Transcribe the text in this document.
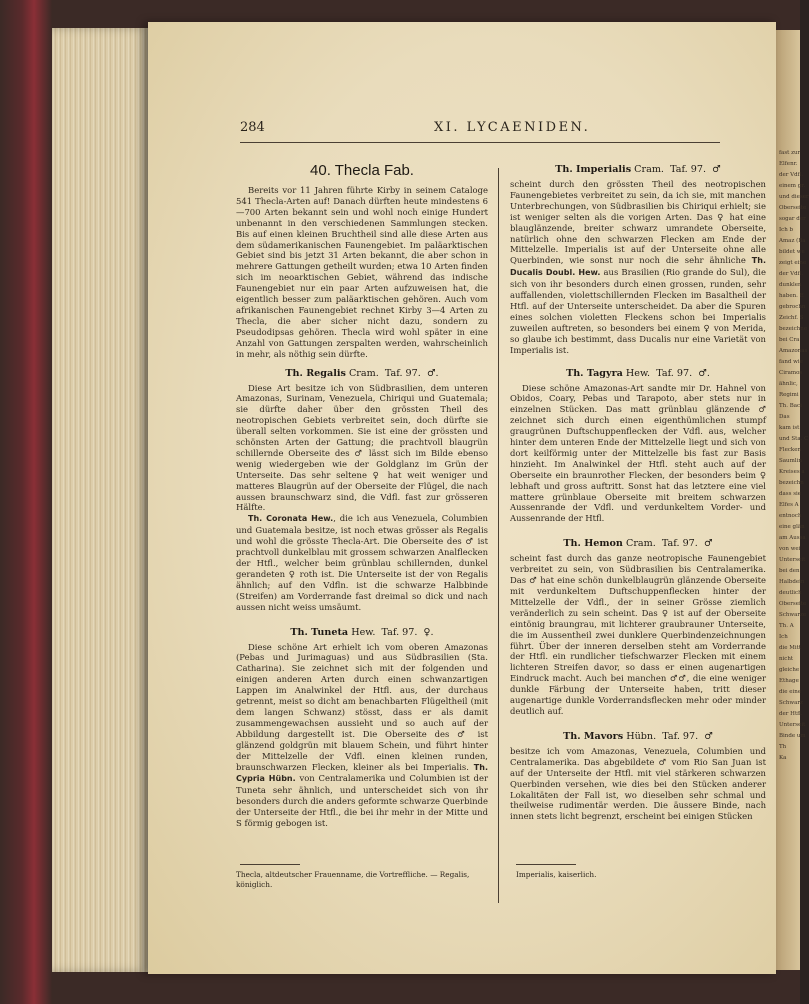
fast zur
Elfenr.
der Vdfl.
einem gr.
und dieser
Oberseite
sogar der
Ich b
Amaz (Ba
bildet we
zeigt eine
der Vdfl.
dunklen
haben. E
gebrochn
Zeichf. S
bezeichne
bei Cra
Amazonas
fand wie
Ciramos
ähnlic,
Regimi
Th. Baci
Das
kam ist
und Sta. C
Flecken
Saumlin
Kreises a
bezeichn
dass sie
Elfes A
entnoch
eine glän
am Aussa
von wei
Unterseit
bei den
Halbdein
deutlich
Oberseite
Schwarze
Th. A
Ich
die Mitt
nicht
gleiche
Ethage
die eine
Schwarz
der Htfl.
Unterseit
Binde um
Th
Ka
284	XI. LYCAENIDEN.
40. Thecla Fab.

Bereits vor 11 Jahren führte Kirby in seinem Cataloge 541 Thecla-Arten auf! Danach dürften heute mindestens 6—700 Arten bekannt sein und wohl noch einige Hundert unbenannt in den verschiedenen Sammlungen stecken. Bis auf einen kleinen Bruchtheil sind alle diese Arten aus dem südamerikanischen Faunengebiet. Im paläarktischen Gebiet sind bis jetzt 31 Arten bekannt, die aber schon in mehrere Gattungen getheilt wurden; etwa 10 Arten finden sich im neoarktischen Gebiet, während das indische Faunengebiet nur ein paar Arten aufzuweisen hat, die eigentlich besser zum paläarktischen gehören. Auch vom afrikanischen Faunengebiet rechnet Kirby 3—4 Arten zu Thecla, die aber sicher nicht dazu, sondern zu Pseudodipsas gehören. Thecla wird wohl später in eine Anzahl von Gattungen zerspalten werden, wahrscheinlich in mehr, als nöthig sein dürfte.

Th. Regalis Cram. Taf. 97. ♂.

Diese Art besitze ich von Südbrasilien, dem unteren Amazonas, Surinam, Venezuela, Chiriqui und Guatemala; sie dürfte daher über den grössten Theil des neotropischen Gebiets verbreitet sein, doch dürfte sie überall selten vorkommen. Sie ist eine der grössten und schönsten Arten der Gattung; die prachtvoll blaugrün schillernde Oberseite des ♂ lässt sich im Bilde ebenso wenig wiedergeben wie der Goldglanz im Grün der Unterseite. Das sehr seltene ♀ hat weit weniger und matteres Blaugrün auf der Oberseite der Flügel, die nach aussen braunschwarz sind, die Vdfl. fast zur grösseren Hälfte.

Th. Coronata Hew., die ich aus Venezuela, Columbien und Guatemala besitze, ist noch etwas grösser als Regalis und wohl die grösste Thecla-Art. Die Oberseite des ♂ ist prachtvoll dunkelblau mit grossem schwarzen Analflecken der Htfl., welcher beim grünblau schillernden, dunkel gerandeten ♀ roth ist. Die Unterseite ist der von Regalis ähnlich; auf den Vdfln. ist die schwarze Halbbinde (Streifen) am Vorderrande fast dreimal so dick und nach aussen nicht weiss umsäumt.

Th. Tuneta Hew. Taf. 97. ♀.

Diese schöne Art erhielt ich vom oberen Amazonas (Pebas und Jurimaguas) und aus Südbrasilien (Sta. Catharina). Sie zeichnet sich mit der folgenden und einigen anderen Arten durch einen schwanzartigen Lappen im Analwinkel der Htfl. aus, der durchaus getrennt, meist so dicht am benachbarten Flügeltheil (mit dem langen Schwanz) stösst, dass er als damit zusammengewachsen aussieht und so auch auf der Abbildung dargestellt ist. Die Oberseite des ♂ ist glänzend goldgrün mit blauem Schein, und führt hinter der Mittelzelle der Vdfl. einen kleinen runden, braunschwarzen Flecken, kleiner als bei Imperialis. Th. Cypria Hübn. von Centralamerika und Columbien ist der Tuneta sehr ähnlich, und unterscheidet sich von ihr besonders durch die anders geformte schwarze Querbinde der Unterseite der Htfl., die bei ihr mehr in der Mitte und S förmig gebogen ist.

Thecla, altdeutscher Frauenname, die Vortreffliche. — Regalis, königlich.
Th. Imperialis Cram. Taf. 97. ♂

scheint durch den grössten Theil des neotropischen Faunengebietes verbreitet zu sein, da ich sie, mit manchen Unterbrechungen, von Südbrasilien bis Chiriqui erhielt; sie ist weniger selten als die vorigen Arten. Das ♀ hat eine blauglänzende, breiter schwarz umrandete Oberseite, natürlich ohne den schwarzen Flecken am Ende der Mittelzelle. Imperialis ist auf der Unterseite ohne alle Querbinden, wie sonst nur noch die sehr ähnliche Th. Ducalis Doubl. Hew. aus Brasilien (Rio grande do Sul), die sich von ihr besonders durch einen grossen, runden, sehr auffallenden, violettschillernden Flecken im Basaltheil der Htfl. auf der Unterseite unterscheidet. Da aber die Spuren eines solchen violetten Fleckens schon bei Imperialis zuweilen auftreten, so besonders bei einem ♀ von Merida, so glaube ich bestimmt, dass Ducalis nur eine Varietät von Imperialis ist.

Th. Tagyra Hew. Taf. 97. ♂.

Diese schöne Amazonas-Art sandte mir Dr. Hahnel von Obidos, Coary, Pebas und Tarapoto, aber stets nur in einzelnen Stücken. Das matt grünblau glänzende ♂ zeichnet sich durch einen eigenthümlichen stumpf graugrünen Duftschuppenflecken der Vdfl. aus, welcher hinter dem unteren Ende der Mittelzelle liegt und sich von dort keilförmig unter der Mittelzelle bis fast zur Basis hinzieht. Im Analwinkel der Htfl. steht auch auf der Oberseite ein braunrother Flecken, der besonders beim ♀ lebhaft und gross auftritt. Sonst hat das letztere eine viel mattere grünblaue Oberseite mit breitem schwarzen Aussenrande der Vdfl. und verdunkeltem Vorder- und Aussenrande der Htfl.

Th. Hemon Cram. Taf. 97. ♂

scheint fast durch das ganze neotropische Faunengebiet verbreitet zu sein, von Südbrasilien bis Centralamerika. Das ♂ hat eine schön dunkelblaugrün glänzende Oberseite mit verdunkeltem Duftschuppenflecken hinter der Mittelzelle der Vdfl., der in seiner Grösse ziemlich veränderlich zu sein scheint. Das ♀ ist auf der Oberseite eintönig braungrau, mit lichterer graubrauner Unterseite, die im Aussentheil zwei dunklere Querbindenzeichnungen führt. Über der inneren derselben steht am Vorderrande der Htfl. ein rundlicher tiefschwarzer Flecken mit einem lichteren Streifen davor, so dass er einen augenartigen Eindruck macht. Auch bei manchen ♂♂, die eine weniger dunkle Färbung der Unterseite haben, tritt dieser augenartige dunkle Vorderrandsflecken mehr oder minder deutlich auf.

Th. Mavors Hübn. Taf. 97. ♂

besitze ich vom Amazonas, Venezuela, Columbien und Centralamerika. Das abgebildete ♂ vom Rio San Juan ist auf der Unterseite der Htfl. mit viel stärkeren schwarzen Querbinden versehen, wie dies bei den Stücken anderer Lokalitäten der Fall ist, wo dieselben sehr schmal und theilweise rudimentär werden. Die äussere Binde, nach innen stets licht begrenzt, erscheint bei einigen Stücken

Imperialis, kaiserlich.
